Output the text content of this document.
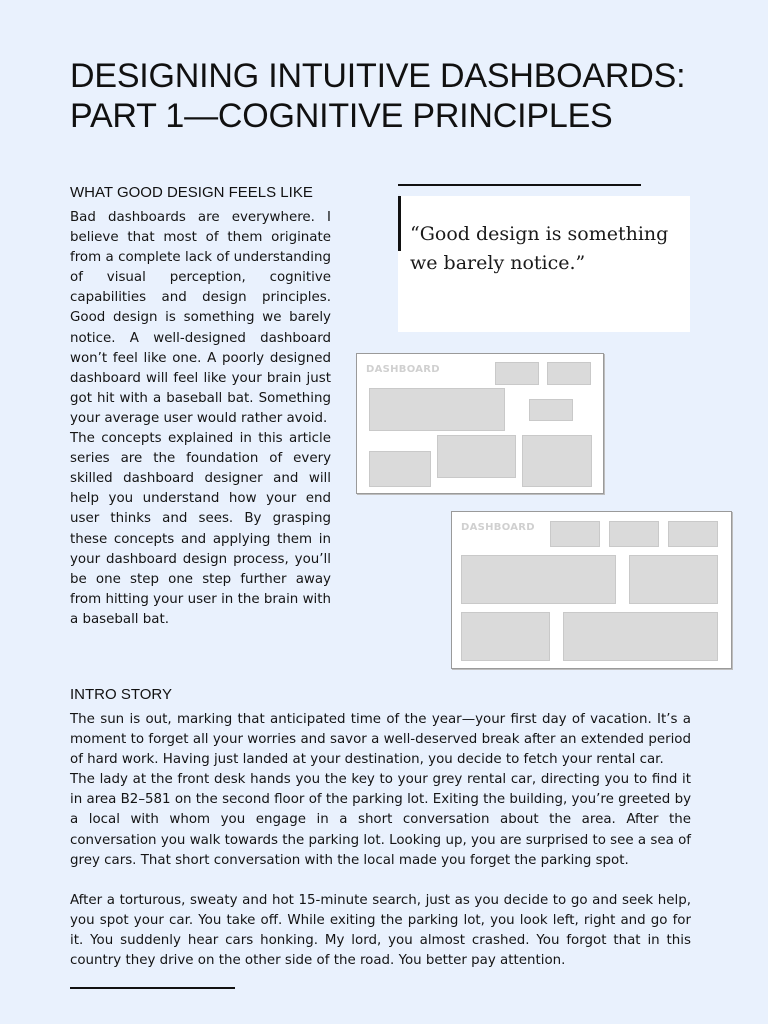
DESIGNING INTUITIVE DASHBOARDS:
PART 1—COGNITIVE PRINCIPLES
WHAT GOOD DESIGN FEELS LIKE

Bad dashboards are everywhere. I believe that most of them originate from a complete lack of understanding of visual perception, cognitive capabilities and design principles. Good design is something we barely notice. A well-designed dashboard won’t feel like one. A poorly designed dashboard will feel like your brain just got hit with a baseball bat. Something your average user would rather avoid.

The concepts explained in this article series are the foundation of every skilled dashboard designer and will help you understand how your end user thinks and sees. By grasping these concepts and applying them in your dashboard design process, you’ll be one step one step further away from hitting your user in the brain with a baseball bat.

“Good design is something we barely notice.”
DASHBOARD
DASHBOARD
INTRO STORY

The sun is out, marking that anticipated time of the year—your first day of vacation. It’s a moment to forget all your worries and savor a well-deserved break after an extended period of hard work. Having just landed at your destination, you decide to fetch your rental car.

The lady at the front desk hands you the key to your grey rental car, directing you to find it in area B2–581 on the second floor of the parking lot. Exiting the building, you’re greeted by a local with whom you engage in a short conversation about the area. After the conversation you walk towards the parking lot. Looking up, you are surprised to see a sea of grey cars. That short conversation with the local made you forget the parking spot.

After a torturous, sweaty and hot 15-minute search, just as you decide to go and seek help, you spot your car. You take off. While exiting the parking lot, you look left, right and go for it. You suddenly hear cars honking. My lord, you almost crashed. You forgot that in this country they drive on the other side of the road. You better pay attention.
